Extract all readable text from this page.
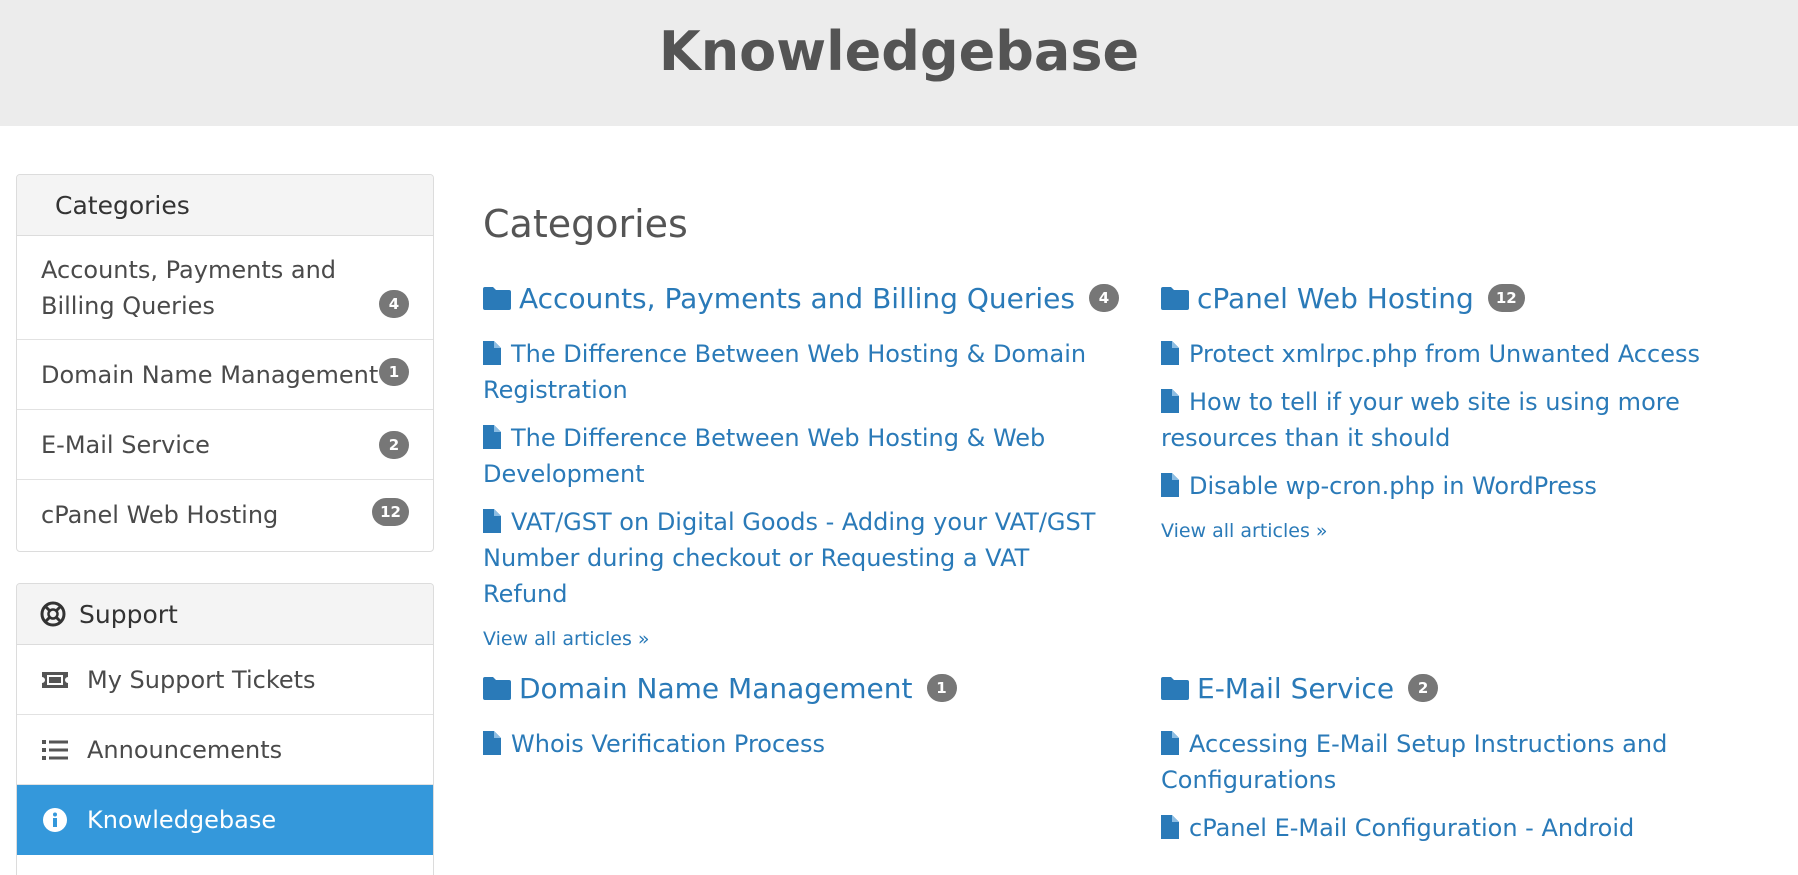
Knowledgebase
Categories
Accounts, Payments and Billing Queries	4
Domain Name Management 1
E-Mail Service	2
cPanel Web Hosting	12
Support
My Support Tickets
Announcements
Knowledgebase
Categories
Accounts, Payments and Billing Queries	4
The Difference Between Web Hosting & Domain Registration
The Difference Between Web Hosting & Web Development
VAT/GST on Digital Goods - Adding your VAT/GST Number during checkout or Requesting a VAT Refund
View all articles »
cPanel Web Hosting	12
Protect xmlrpc.php from Unwanted Access
How to tell if your web site is using more resources than it should
Disable wp-cron.php in WordPress
View all articles »
Domain Name Management	1
Whois Verification Process
E-Mail Service	2
Accessing E-Mail Setup Instructions and Configurations
cPanel E-Mail Configuration - Android
